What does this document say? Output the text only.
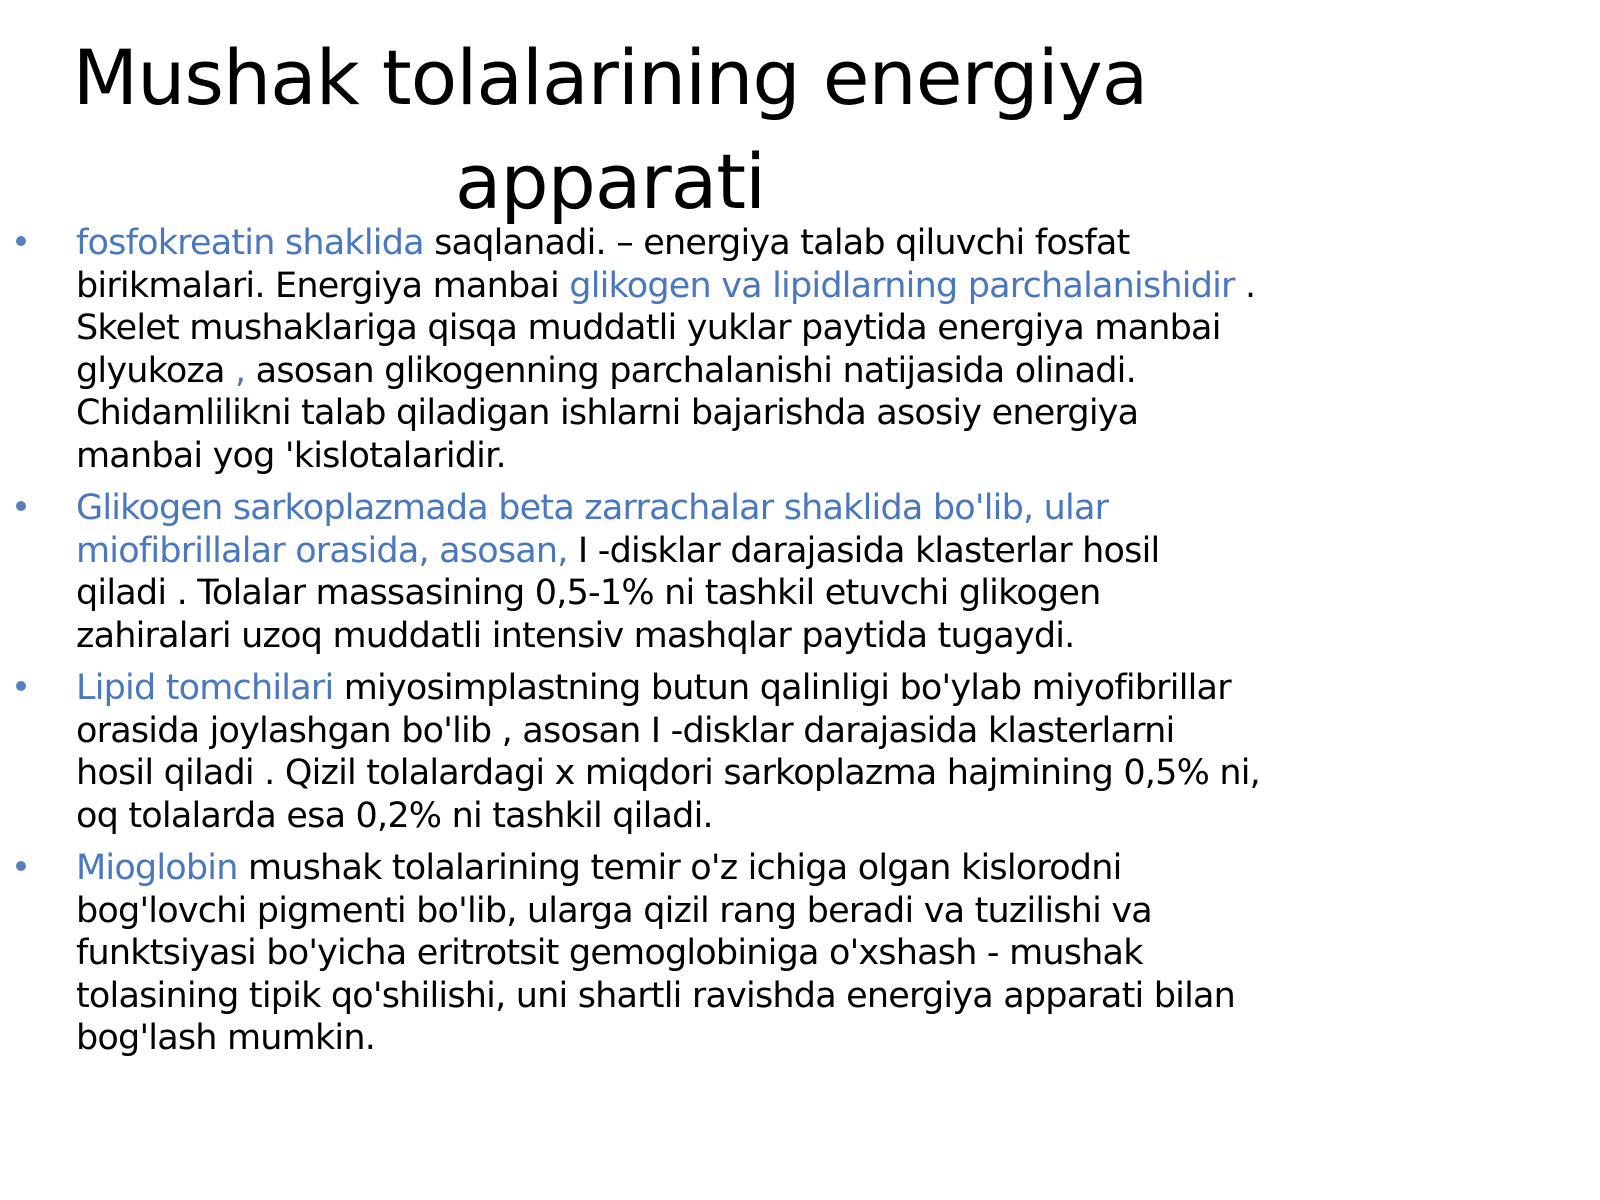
Mushak tolalarining energiya
apparati
fosfokreatin shaklida saqlanadi. – energiya talab qiluvchi fosfat birikmalari. Energiya manbai glikogen va lipidlarning parchalanishidir . Skelet mushaklariga qisqa muddatli yuklar paytida energiya manbai glyukoza , asosan glikogenning parchalanishi natijasida olinadi. Chidamlilikni talab qiladigan ishlarni bajarishda asosiy energiya manbai yog 'kislotalaridir.
Glikogen sarkoplazmada beta zarrachalar shaklida bo'lib, ular miofibrillalar orasida, asosan, I -disklar darajasida klasterlar hosil qiladi . Tolalar massasining 0,5-1% ni tashkil etuvchi glikogen zahiralari uzoq muddatli intensiv mashqlar paytida tugaydi.
Lipid tomchilari miyosimplastning butun qalinligi bo'ylab miyofibrillar orasida joylashgan bo'lib , asosan I -disklar darajasida klasterlarni hosil qiladi . Qizil tolalardagi x miqdori sarkoplazma hajmining 0,5% ni, oq tolalarda esa 0,2% ni tashkil qiladi.
Mioglobin mushak tolalarining temir o'z ichiga olgan kislorodni bog'lovchi pigmenti bo'lib, ularga qizil rang beradi va tuzilishi va funktsiyasi bo'yicha eritrotsit gemoglobiniga o'xshash - mushak tolasining tipik qo'shilishi, uni shartli ravishda energiya apparati bilan bog'lash mumkin.
